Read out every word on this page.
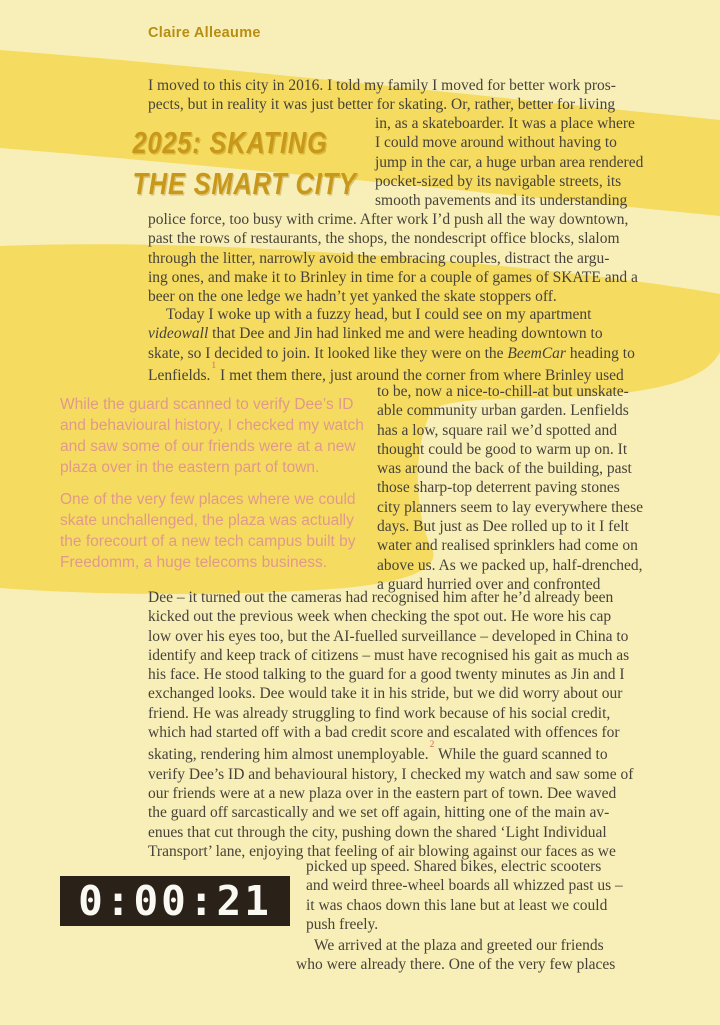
Claire Alleaume
2025: SKATING
THE SMART CITY
I moved to this city in 2016. I told my family I moved for better work pros-
pects, but in reality it was just better for skating. Or, rather, better for living
in, as a skateboarder. It was a place where
I could move around without having to
jump in the car, a huge urban area rendered
pocket-sized by its navigable streets, its
smooth pavements and its understanding
police force, too busy with crime. After work I’d push all the way downtown,
past the rows of restaurants, the shops, the nondescript office blocks, slalom
through the litter, narrowly avoid the embracing couples, distract the argu-
ing ones, and make it to Brinley in time for a couple of games of SKATE and a
beer on the one ledge we hadn’t yet yanked the skate stoppers off.
Today I woke up with a fuzzy head, but I could see on my apartment
videowall that Dee and Jin had linked me and were heading downtown to
skate, so I decided to join. It looked like they were on the BeemCar heading to
Lenfields.$^1$ I met them there, just around the corner from where Brinley used
to be, now a nice-to-chill-at but unskate-
able community urban garden. Lenfields
has a low, square rail we’d spotted and
thought could be good to warm up on. It
was around the back of the building, past
those sharp-top deterrent paving stones
city planners seem to lay everywhere these
days. But just as Dee rolled up to it I felt
water and realised sprinklers had come on
above us. As we packed up, half-drenched,
a guard hurried over and confronted
While the guard scanned to verify Dee’s ID
and behavioural history, I checked my watch
and saw some of our friends were at a new
plaza over in the eastern part of town.
One of the very few places where we could
skate unchallenged, the plaza was actually
the forecourt of a new tech campus built by
Freedomm, a huge telecoms business.
Dee – it turned out the cameras had recognised him after he’d already been
kicked out the previous week when checking the spot out. He wore his cap
low over his eyes too, but the AI-fuelled surveillance – developed in China to
identify and keep track of citizens – must have recognised his gait as much as
his face. He stood talking to the guard for a good twenty minutes as Jin and I
exchanged looks. Dee would take it in his stride, but we did worry about our
friend. He was already struggling to find work because of his social credit,
which had started off with a bad credit score and escalated with offences for
skating, rendering him almost unemployable.$^2$ While the guard scanned to
verify Dee’s ID and behavioural history, I checked my watch and saw some of
our friends were at a new plaza over in the eastern part of town. Dee waved
the guard off sarcastically and we set off again, hitting one of the main av-
enues that cut through the city, pushing down the shared ‘Light Individual
Transport’ lane, enjoying that feeling of air blowing against our faces as we
0:00:21
picked up speed. Shared bikes, electric scooters
and weird three-wheel boards all whizzed past us –
it was chaos down this lane but at least we could
push freely.
We arrived at the plaza and greeted our friends
who were already there. One of the very few places
